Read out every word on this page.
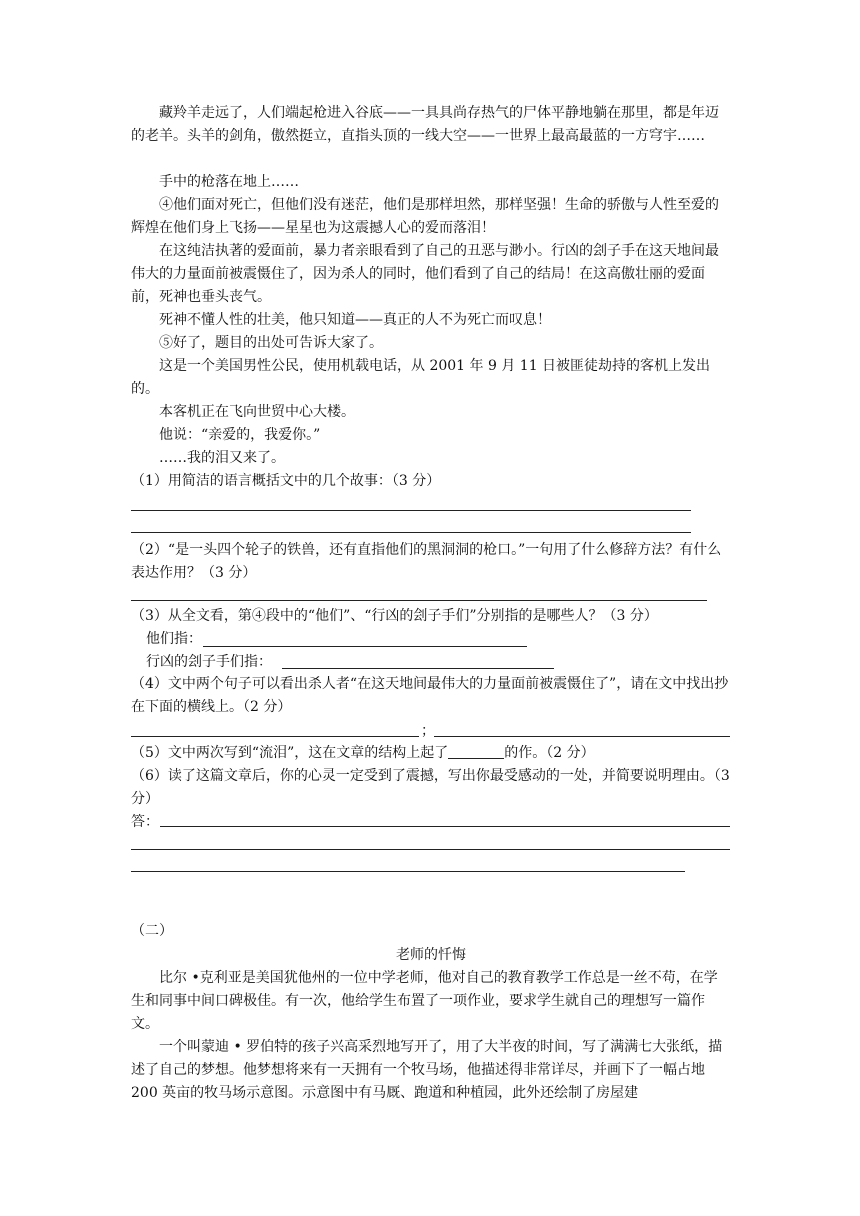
藏羚羊走远了，人们端起枪进入谷底——一具具尚存热气的尸体平静地躺在那里，都是年迈的老羊。头羊的剑角，傲然挺立，直指头顶的一线大空——一世界上最高最蓝的一方穹宇……

手中的枪落在地上……

④他们面对死亡，但他们没有迷茫，他们是那样坦然，那样坚强！生命的骄傲与人性至爱的辉煌在他们身上飞扬——星星也为这震撼人心的爱而落泪！

在这纯洁执著的爱面前，暴力者亲眼看到了自己的丑恶与渺小。行凶的刽子手在这天地间最伟大的力量面前被震慑住了，因为杀人的同时，他们看到了自己的结局！在这高傲壮丽的爱面前，死神也垂头丧气。

死神不懂人性的壮美，他只知道——真正的人不为死亡而叹息！

⑤好了，题目的出处可告诉大家了。

这是一个美国男性公民，使用机载电话，从 2001 年 9 月 11 日被匪徒劫持的客机上发出的。

本客机正在飞向世贸中心大楼。

他说：“亲爱的，我爱你。”

……我的泪又来了。

（1）用简洁的语言概括文中的几个故事：（3 分）

（2）“是一头四个轮子的铁兽，还有直指他们的黑洞洞的枪口。”一句用了什么修辞方法？有什么表达作用？（3 分）

（3）从全文看，第④段中的“他们”、“行凶的刽子手们”分别指的是哪些人？（3 分）

他们指：
行凶的刽子手们指：

（4）文中两个句子可以看出杀人者“在这天地间最伟大的力量面前被震慑住了”，请在文中找出抄在下面的横线上。（2 分）

；

（5）文中两次写到“流泪”，这在文章的结构上起了	的作。（2 分）

（6）读了这篇文章后，你的心灵一定受到了震撼，写出你最受感动的一处，并简要说明理由。（3 分）

答：
（二）
老师的忏悔

比尔 •克利亚是美国犹他州的一位中学老师，他对自己的教育教学工作总是一丝不苟，在学生和同事中间口碑极佳。有一次，他给学生布置了一项作业，要求学生就自己的理想写一篇作文。

一个叫蒙迪 • 罗伯特的孩子兴高采烈地写开了，用了大半夜的时间，写了满满七大张纸，描述了自己的梦想。他梦想将来有一天拥有一个牧马场，他描述得非常详尽，并画下了一幅占地 200 英亩的牧马场示意图。示意图中有马厩、跑道和种植园，此外还绘制了房屋建
